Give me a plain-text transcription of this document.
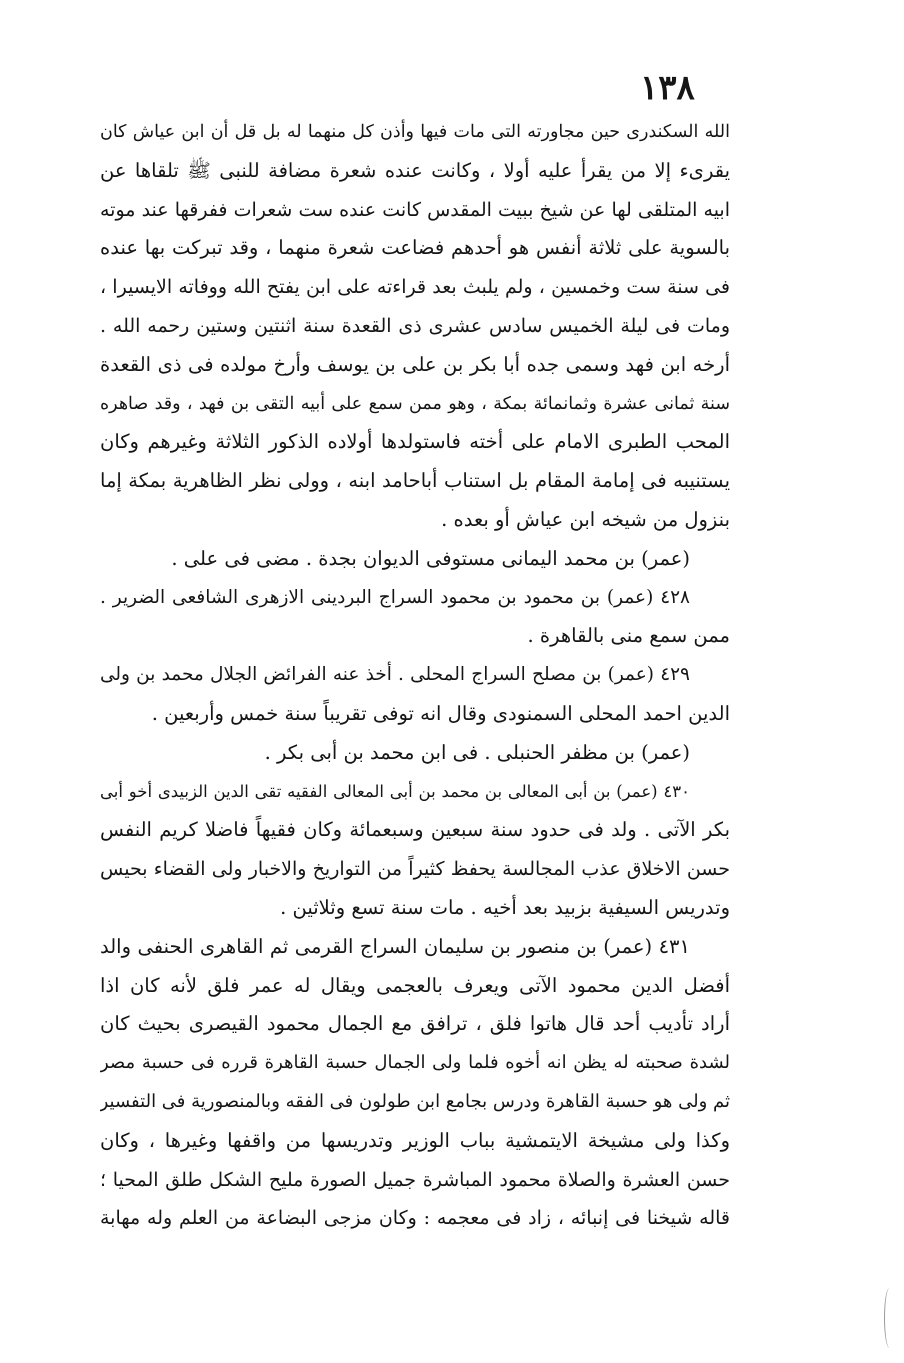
١٣٨
الله السكندرى حين مجاورته التى مات فيها وأذن كل منهما له بل قل أن ابن عياش كان
يقرىء إلا من يقرأ عليه أولا ، وكانت عنده شعرة مضافة للنبى ﷺ تلقاها عن
ابيه المتلقى لها عن شيخ ببيت المقدس كانت عنده ست شعرات ففرقها عند موته
بالسوية على ثلاثة أنفس هو أحدهم فضاعت شعرة منهما ، وقد تبركت بها عنده
فى سنة ست وخمسين ، ولم يلبث بعد قراءته على ابن يفتح الله ووفاته الايسيرا ،
ومات فى ليلة الخميس سادس عشرى ذى القعدة سنة اثنتين وستين رحمه الله .
أرخه ابن فهد وسمى جده أبا بكر بن على بن يوسف وأرخ مولده فى ذى القعدة
سنة ثمانى عشرة وثمانمائة بمكة ، وهو ممن سمع على أبيه التقى بن فهد ، وقد صاهره
المحب الطبرى الامام على أخته فاستولدها أولاده الذكور الثلاثة وغيرهم وكان
يستنيبه فى إمامة المقام بل استناب أباحامد ابنه ، وولى نظر الظاهرية بمكة إما
بنزول من شيخه ابن عياش أو بعده .
(عمر) بن محمد اليمانى مستوفى الديوان بجدة . مضى فى على .
٤٢٨ (عمر) بن محمود بن محمود السراج البردينى الازهرى الشافعى الضرير .
ممن سمع منى بالقاهرة .
٤٢٩ (عمر) بن مصلح السراج المحلى . أخذ عنه الفرائض الجلال محمد بن ولى
الدين احمد المحلى السمنودى وقال انه توفى تقريباً سنة خمس وأربعين .
(عمر) بن مظفر الحنبلى . فى ابن محمد بن أبى بكر .
٤٣٠ (عمر) بن أبى المعالى بن محمد بن أبى المعالى الفقيه تقى الدين الزبيدى أخو أبى
بكر الآتى . ولد فى حدود سنة سبعين وسبعمائة وكان فقيهاً فاضلا كريم النفس
حسن الاخلاق عذب المجالسة يحفظ كثيراً من التواريخ والاخبار ولى القضاء بحيس
وتدريس السيفية بزبيد بعد أخيه . مات سنة تسع وثلاثين .
٤٣١ (عمر) بن منصور بن سليمان السراج القرمى ثم القاهرى الحنفى والد
أفضل الدين محمود الآتى ويعرف بالعجمى ويقال له عمر فلق لأنه كان اذا
أراد تأديب أحد قال هاتوا فلق ، ترافق مع الجمال محمود القيصرى بحيث كان
لشدة صحبته له يظن انه أخوه فلما ولى الجمال حسبة القاهرة قرره فى حسبة مصر
ثم ولى هو حسبة القاهرة ودرس بجامع ابن طولون فى الفقه وبالمنصورية فى التفسير
وكذا ولى مشيخة الايتمشية بباب الوزير وتدريسها من واقفها وغيرها ، وكان
حسن العشرة والصلاة محمود المباشرة جميل الصورة مليح الشكل طلق المحيا ؛
قاله شيخنا فى إنبائه ، زاد فى معجمه : وكان مزجى البضاعة من العلم وله مهابة
